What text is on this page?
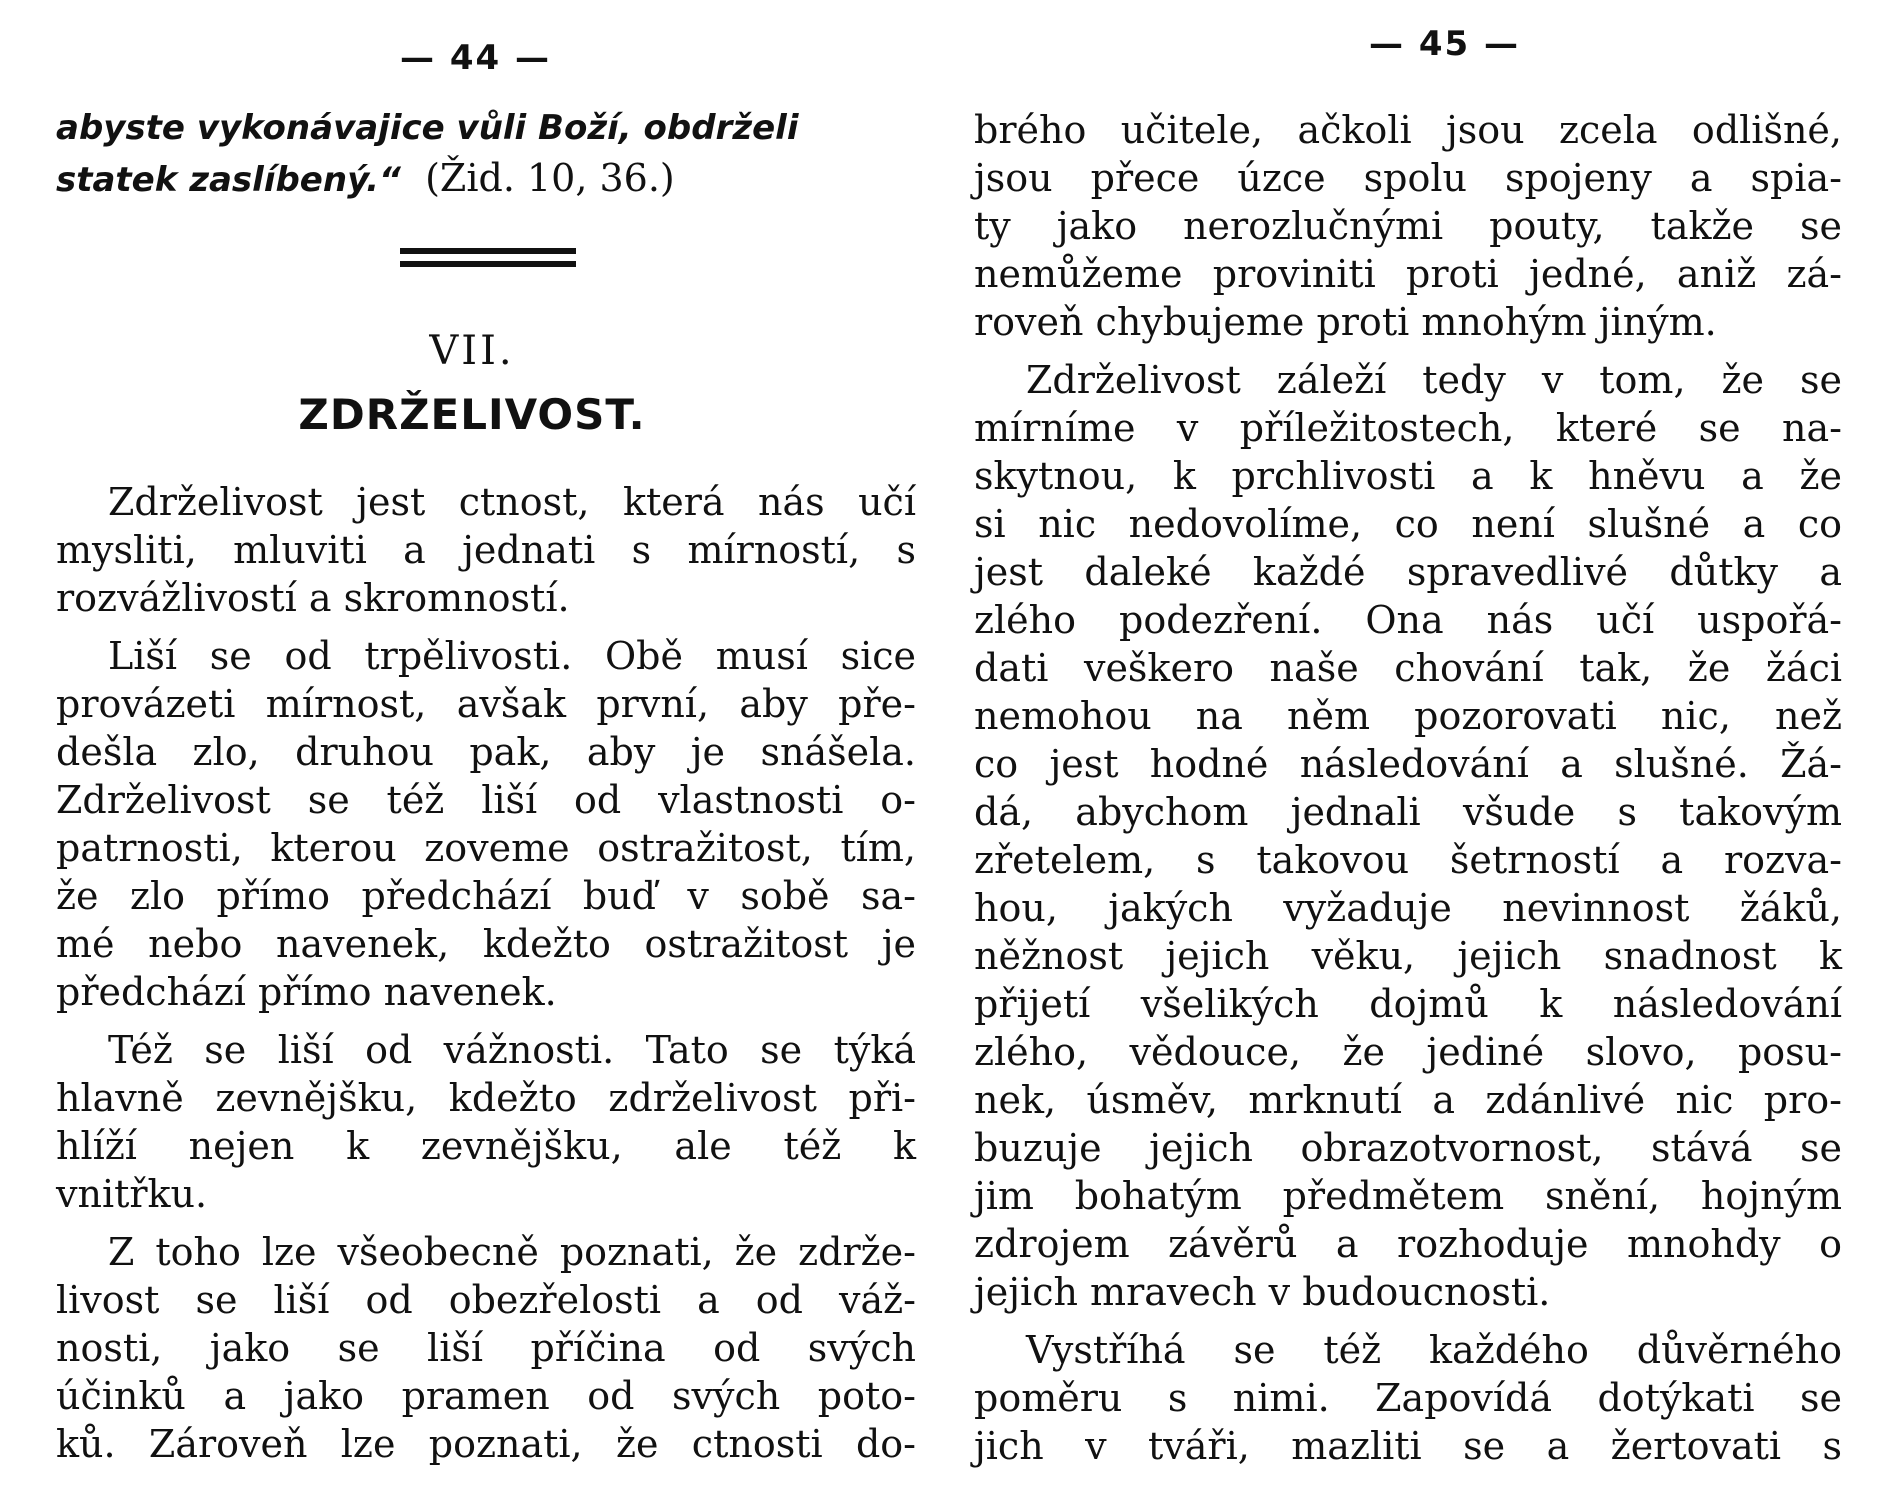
— 44 —
abyste vykonávajice vůli Boží, obdrželi
statek zaslíbený.“ (Žid. 10, 36.)
VII.
ZDRŽELIVOST.
Zdrželivost jest ctnost, která nás učí
mysliti, mluviti a jednati s mírností, s
rozvážlivostí a skromností.
Liší se od trpělivosti. Obě musí sice
provázeti mírnost, avšak první, aby pře-
dešla zlo, druhou pak, aby je snášela.
Zdrželivost se též liší od vlastnosti o-
patrnosti, kterou zoveme ostražitost, tím,
že zlo přímo předchází buď v sobě sa-
mé nebo navenek, kdežto ostražitost je
předchází přímo navenek.
Též se liší od vážnosti. Tato se týká
hlavně zevnějšku, kdežto zdrželivost při-
hlíží nejen k zevnějšku, ale též k
vnitřku.
Z toho lze všeobecně poznati, že zdrže-
livost se liší od obezřelosti a od váž-
nosti, jako se liší příčina od svých
účinků a jako pramen od svých poto-
ků. Zároveň lze poznati, že ctnosti do-
— 45 —
brého učitele, ačkoli jsou zcela odlišné,
jsou přece úzce spolu spojeny a spia-
ty jako nerozlučnými pouty, takže se
nemůžeme proviniti proti jedné, aniž zá-
roveň chybujeme proti mnohým jiným.
Zdrželivost záleží tedy v tom, že se
mírníme v příležitostech, které se na-
skytnou, k prchlivosti a k hněvu a že
si nic nedovolíme, co není slušné a co
jest daleké každé spravedlivé důtky a
zlého podezření. Ona nás učí uspořá-
dati veškero naše chování tak, že žáci
nemohou na něm pozorovati nic, než
co jest hodné následování a slušné. Žá-
dá, abychom jednali všude s takovým
zřetelem, s takovou šetrností a rozva-
hou, jakých vyžaduje nevinnost žáků,
něžnost jejich věku, jejich snadnost k
přijetí všelikých dojmů k následování
zlého, vědouce, že jediné slovo, posu-
nek, úsměv, mrknutí a zdánlivé nic pro-
buzuje jejich obrazotvornost, stává se
jim bohatým předmětem snění, hojným
zdrojem závěrů a rozhoduje mnohdy o
jejich mravech v budoucnosti.
Vystříhá se též každého důvěrného
poměru s nimi. Zapovídá dotýkati se
jich v tváři, mazliti se a žertovati s
